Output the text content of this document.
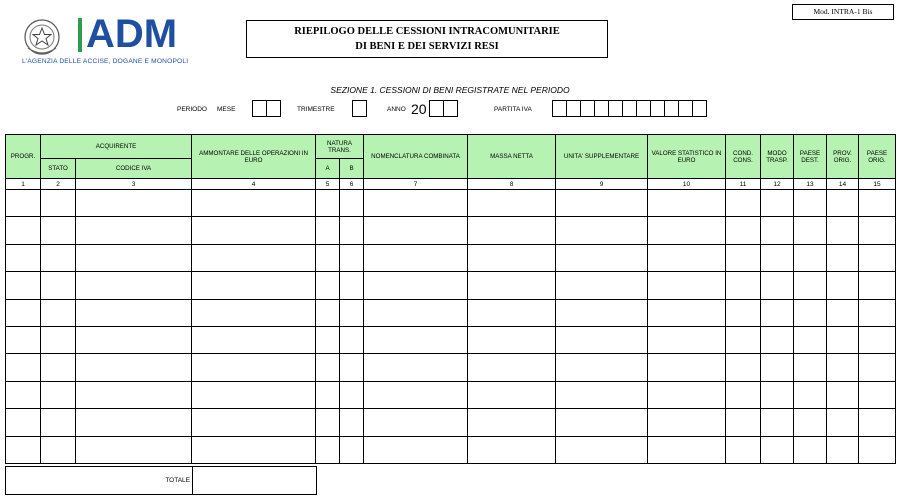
ADM
L'AGENZIA DELLE ACCISE, DOGANE E MONOPOLI
RIEPILOGO DELLE CESSIONI INTRACOMUNITARIE
DI BENI E DEI SERVIZI RESI
Mod. INTRA-1 Bis
SEZIONE 1. CESSIONI DI BENI REGISTRATE NEL PERIODO
PERIODO MESE	TRIMESTRE	ANNO 20	PARTITA IVA
PROGR.	ACQUIRENTE		AMMONTARE DELLE OPERAZIONI IN EURO	NATURA TRANS.		NOMENCLATURA COMBINATA	MASSA NETTA	UNITA' SUPPLEMENTARE	VALORE STATISTICO IN EURO	COND. CONS.	MODO TRASP.	PAESE DEST.	PROV. ORIG.	PAESE ORIG.
	STATO	CODICE IVA		A	B									
1	2	3	4	5	6	7	8	9	10	11	12	13	14	15

TOTALE	
